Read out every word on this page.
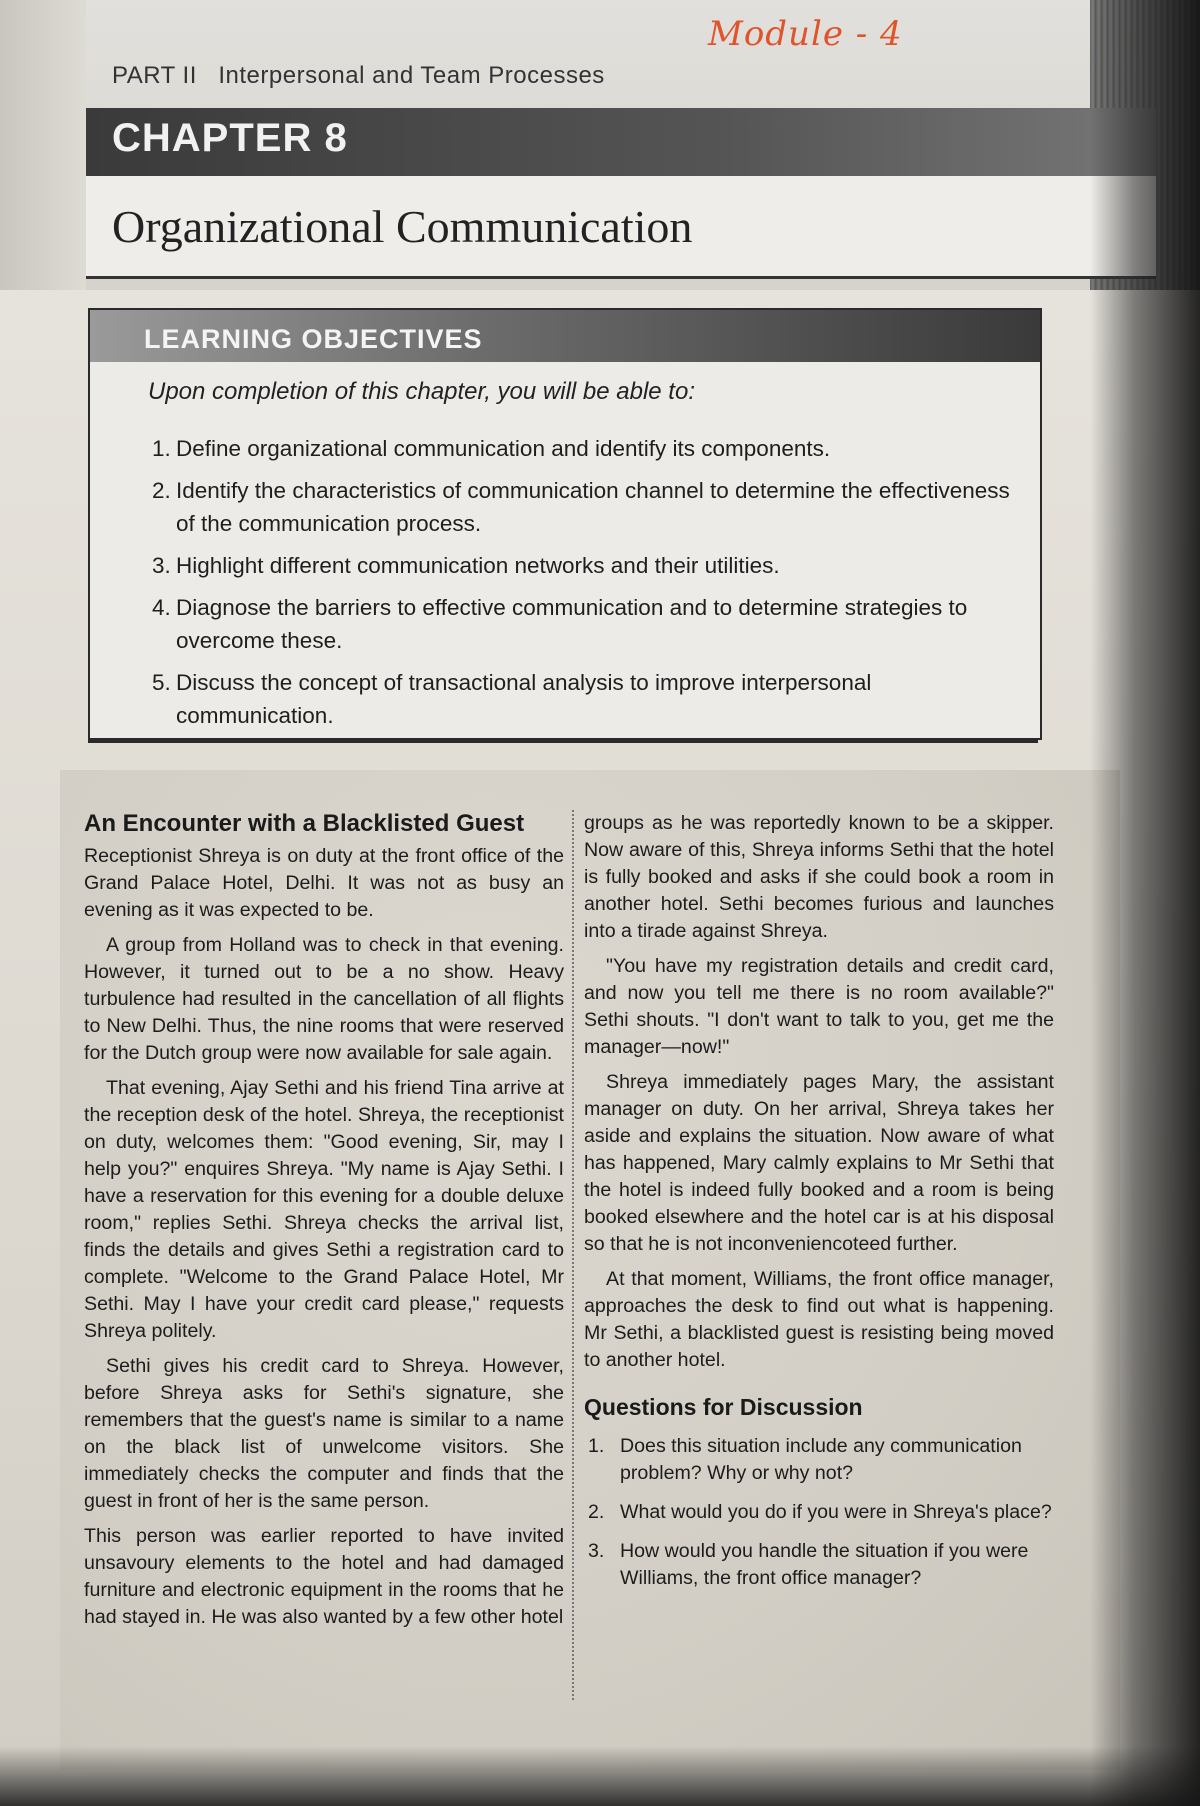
Module - 4
PART II   Interpersonal and Team Processes
CHAPTER 8
Organizational Communication
LEARNING OBJECTIVES
Upon completion of this chapter, you will be able to:
1. Define organizational communication and identify its components.
2. Identify the characteristics of communication channel to determine the effectiveness of the communication process.
3. Highlight different communication networks and their utilities.
4. Diagnose the barriers to effective communication and to determine strategies to overcome these.
5. Discuss the concept of transactional analysis to improve interpersonal communication.
An Encounter with a Blacklisted Guest

Receptionist Shreya is on duty at the front office of the Grand Palace Hotel, Delhi. It was not as busy an evening as it was expected to be.

A group from Holland was to check in that evening. However, it turned out to be a no show. Heavy turbulence had resulted in the cancellation of all flights to New Delhi. Thus, the nine rooms that were reserved for the Dutch group were now available for sale again.

That evening, Ajay Sethi and his friend Tina arrive at the reception desk of the hotel. Shreya, the receptionist on duty, welcomes them: "Good evening, Sir, may I help you?" enquires Shreya. "My name is Ajay Sethi. I have a reservation for this evening for a double deluxe room," replies Sethi. Shreya checks the arrival list, finds the details and gives Sethi a registration card to complete. "Welcome to the Grand Palace Hotel, Mr Sethi. May I have your credit card please," requests Shreya politely.

Sethi gives his credit card to Shreya. However, before Shreya asks for Sethi's signature, she remembers that the guest's name is similar to a name on the black list of unwelcome visitors. She immediately checks the computer and finds that the guest in front of her is the same person.

This person was earlier reported to have invited unsavoury elements to the hotel and had damaged furniture and electronic equipment in the rooms that he had stayed in. He was also wanted by a few other hotel

groups as he was reportedly known to be a skipper. Now aware of this, Shreya informs Sethi that the hotel is fully booked and asks if she could book a room in another hotel. Sethi becomes furious and launches into a tirade against Shreya.

"You have my registration details and credit card, and now you tell me there is no room available?" Sethi shouts. "I don't want to talk to you, get me the manager—now!"

Shreya immediately pages Mary, the assistant manager on duty. On her arrival, Shreya takes her aside and explains the situation. Now aware of what has happened, Mary calmly explains to Mr Sethi that the hotel is indeed fully booked and a room is being booked elsewhere and the hotel car is at his disposal so that he is not inconveniencoteed further.

At that moment, Williams, the front office manager, approaches the desk to find out what is happening. Mr Sethi, a blacklisted guest is resisting being moved to another hotel.

Questions for Discussion
1. Does this situation include any communication problem? Why or why not?
2. What would you do if you were in Shreya's place?
3. How would you handle the situation if you were Williams, the front office manager?
